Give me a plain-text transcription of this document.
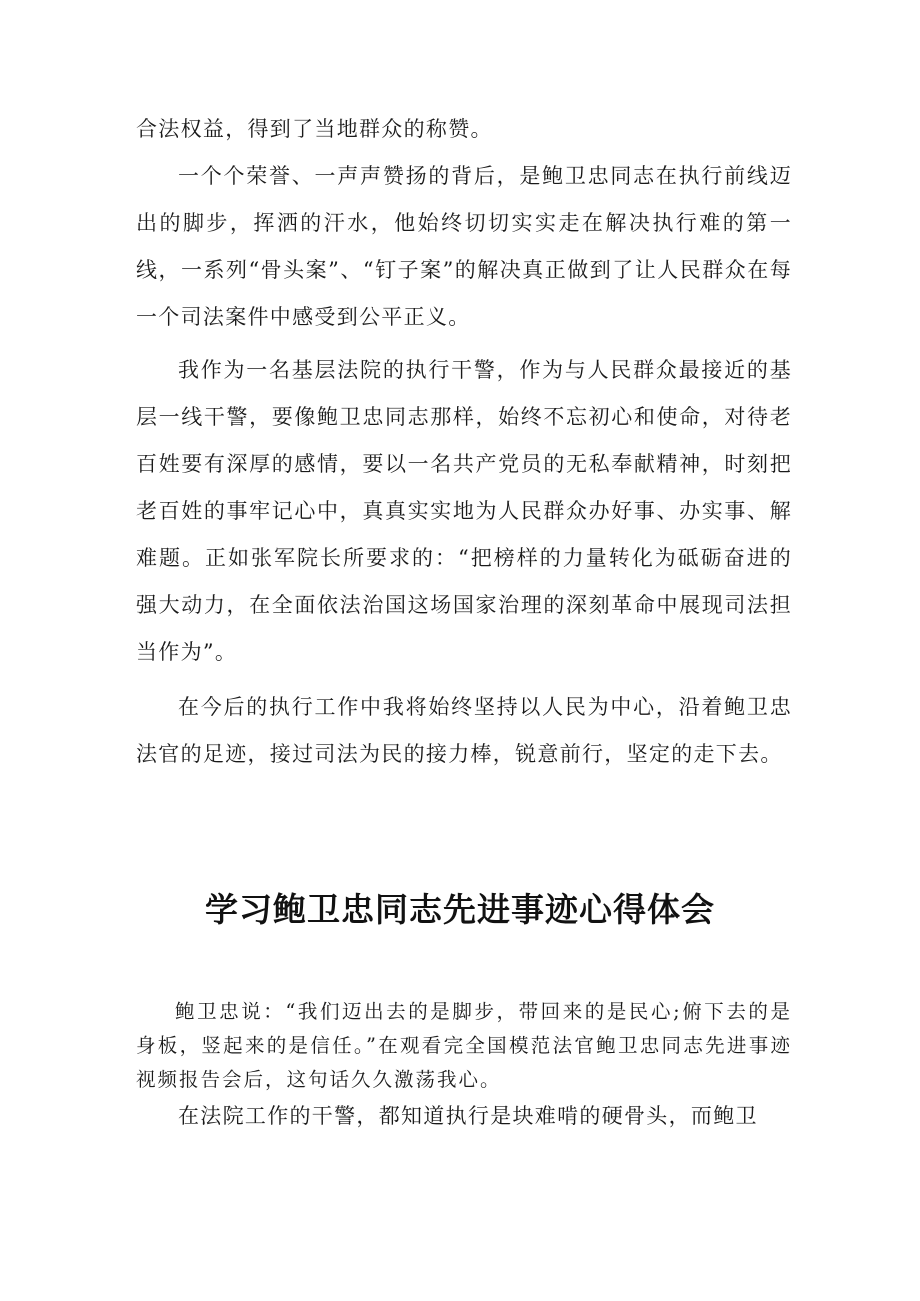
合法权益，得到了当地群众的称赞。

一个个荣誉、一声声赞扬的背后，是鲍卫忠同志在执行前线迈出的脚步，挥洒的汗水，他始终切切实实走在解决执行难的第一线，一系列“骨头案”、“钉子案”的解决真正做到了让人民群众在每一个司法案件中感受到公平正义。

我作为一名基层法院的执行干警，作为与人民群众最接近的基层一线干警，要像鲍卫忠同志那样，始终不忘初心和使命，对待老百姓要有深厚的感情，要以一名共产党员的无私奉献精神，时刻把老百姓的事牢记心中，真真实实地为人民群众办好事、办实事、解难题。正如张军院长所要求的：“把榜样的力量转化为砥砺奋进的强大动力，在全面依法治国这场国家治理的深刻革命中展现司法担当作为”。

在今后的执行工作中我将始终坚持以人民为中心，沿着鲍卫忠法官的足迹，接过司法为民的接力棒，锐意前行，坚定的走下去。

学习鲍卫忠同志先进事迹心得体会

鲍卫忠说：“我们迈出去的是脚步，带回来的是民心;俯下去的是身板，竖起来的是信任。”在观看完全国模范法官鲍卫忠同志先进事迹视频报告会后，这句话久久激荡我心。

在法院工作的干警，都知道执行是块难啃的硬骨头，而鲍卫
